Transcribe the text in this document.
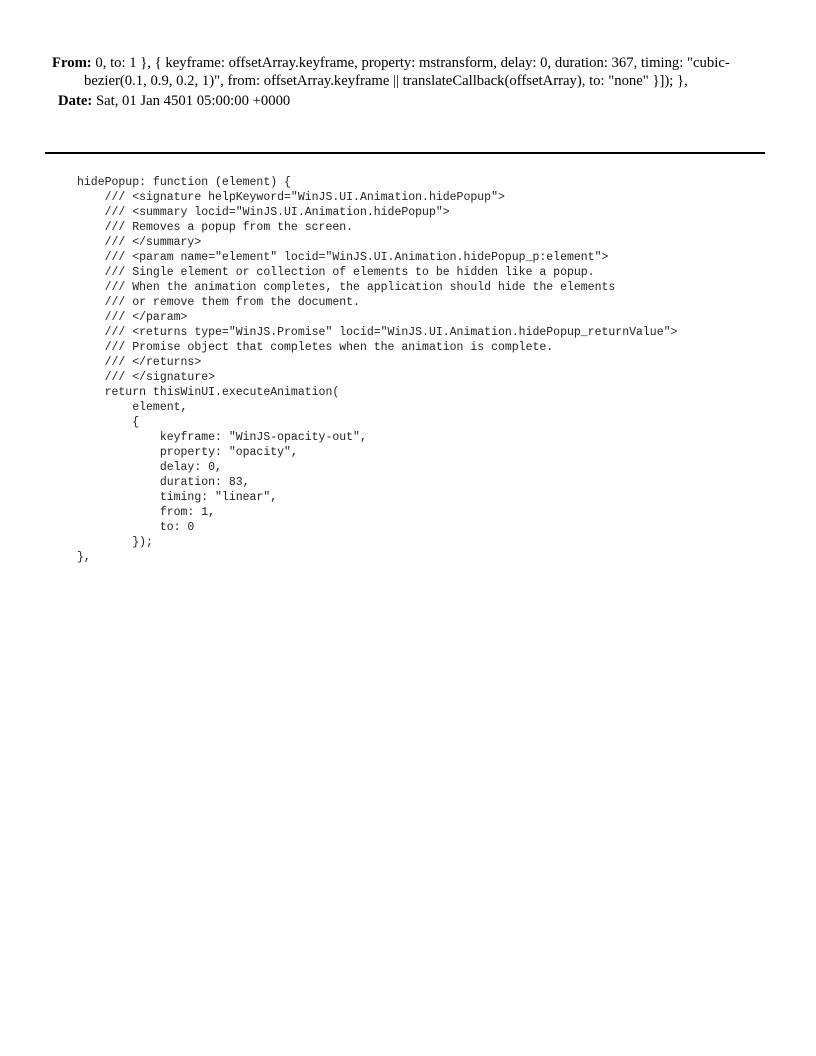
From: 0, to: 1 }, { keyframe: offsetArray.keyframe, property: mstransform, delay: 0, duration: 367, timing: "cubic-bezier(0.1, 0.9, 0.2, 1)", from: offsetArray.keyframe || translateCallback(offsetArray), to: "none" }]); },
Date: Sat, 01 Jan 4501 05:00:00 +0000
hidePopup: function (element) {
/// <signature helpKeyword="WinJS.UI.Animation.hidePopup">
/// <summary locid="WinJS.UI.Animation.hidePopup">
/// Removes a popup from the screen.
/// </summary>
/// <param name="element" locid="WinJS.UI.Animation.hidePopup_p:element">
/// Single element or collection of elements to be hidden like a popup.
/// When the animation completes, the application should hide the elements
/// or remove them from the document.
/// </param>
/// <returns type="WinJS.Promise" locid="WinJS.UI.Animation.hidePopup_returnValue">
/// Promise object that completes when the animation is complete.
/// </returns>
/// </signature>
return thisWinUI.executeAnimation(
element,
{
keyframe: "WinJS-opacity-out",
property: "opacity",
delay: 0,
duration: 83,
timing: "linear",
from: 1,
to: 0
});
},
